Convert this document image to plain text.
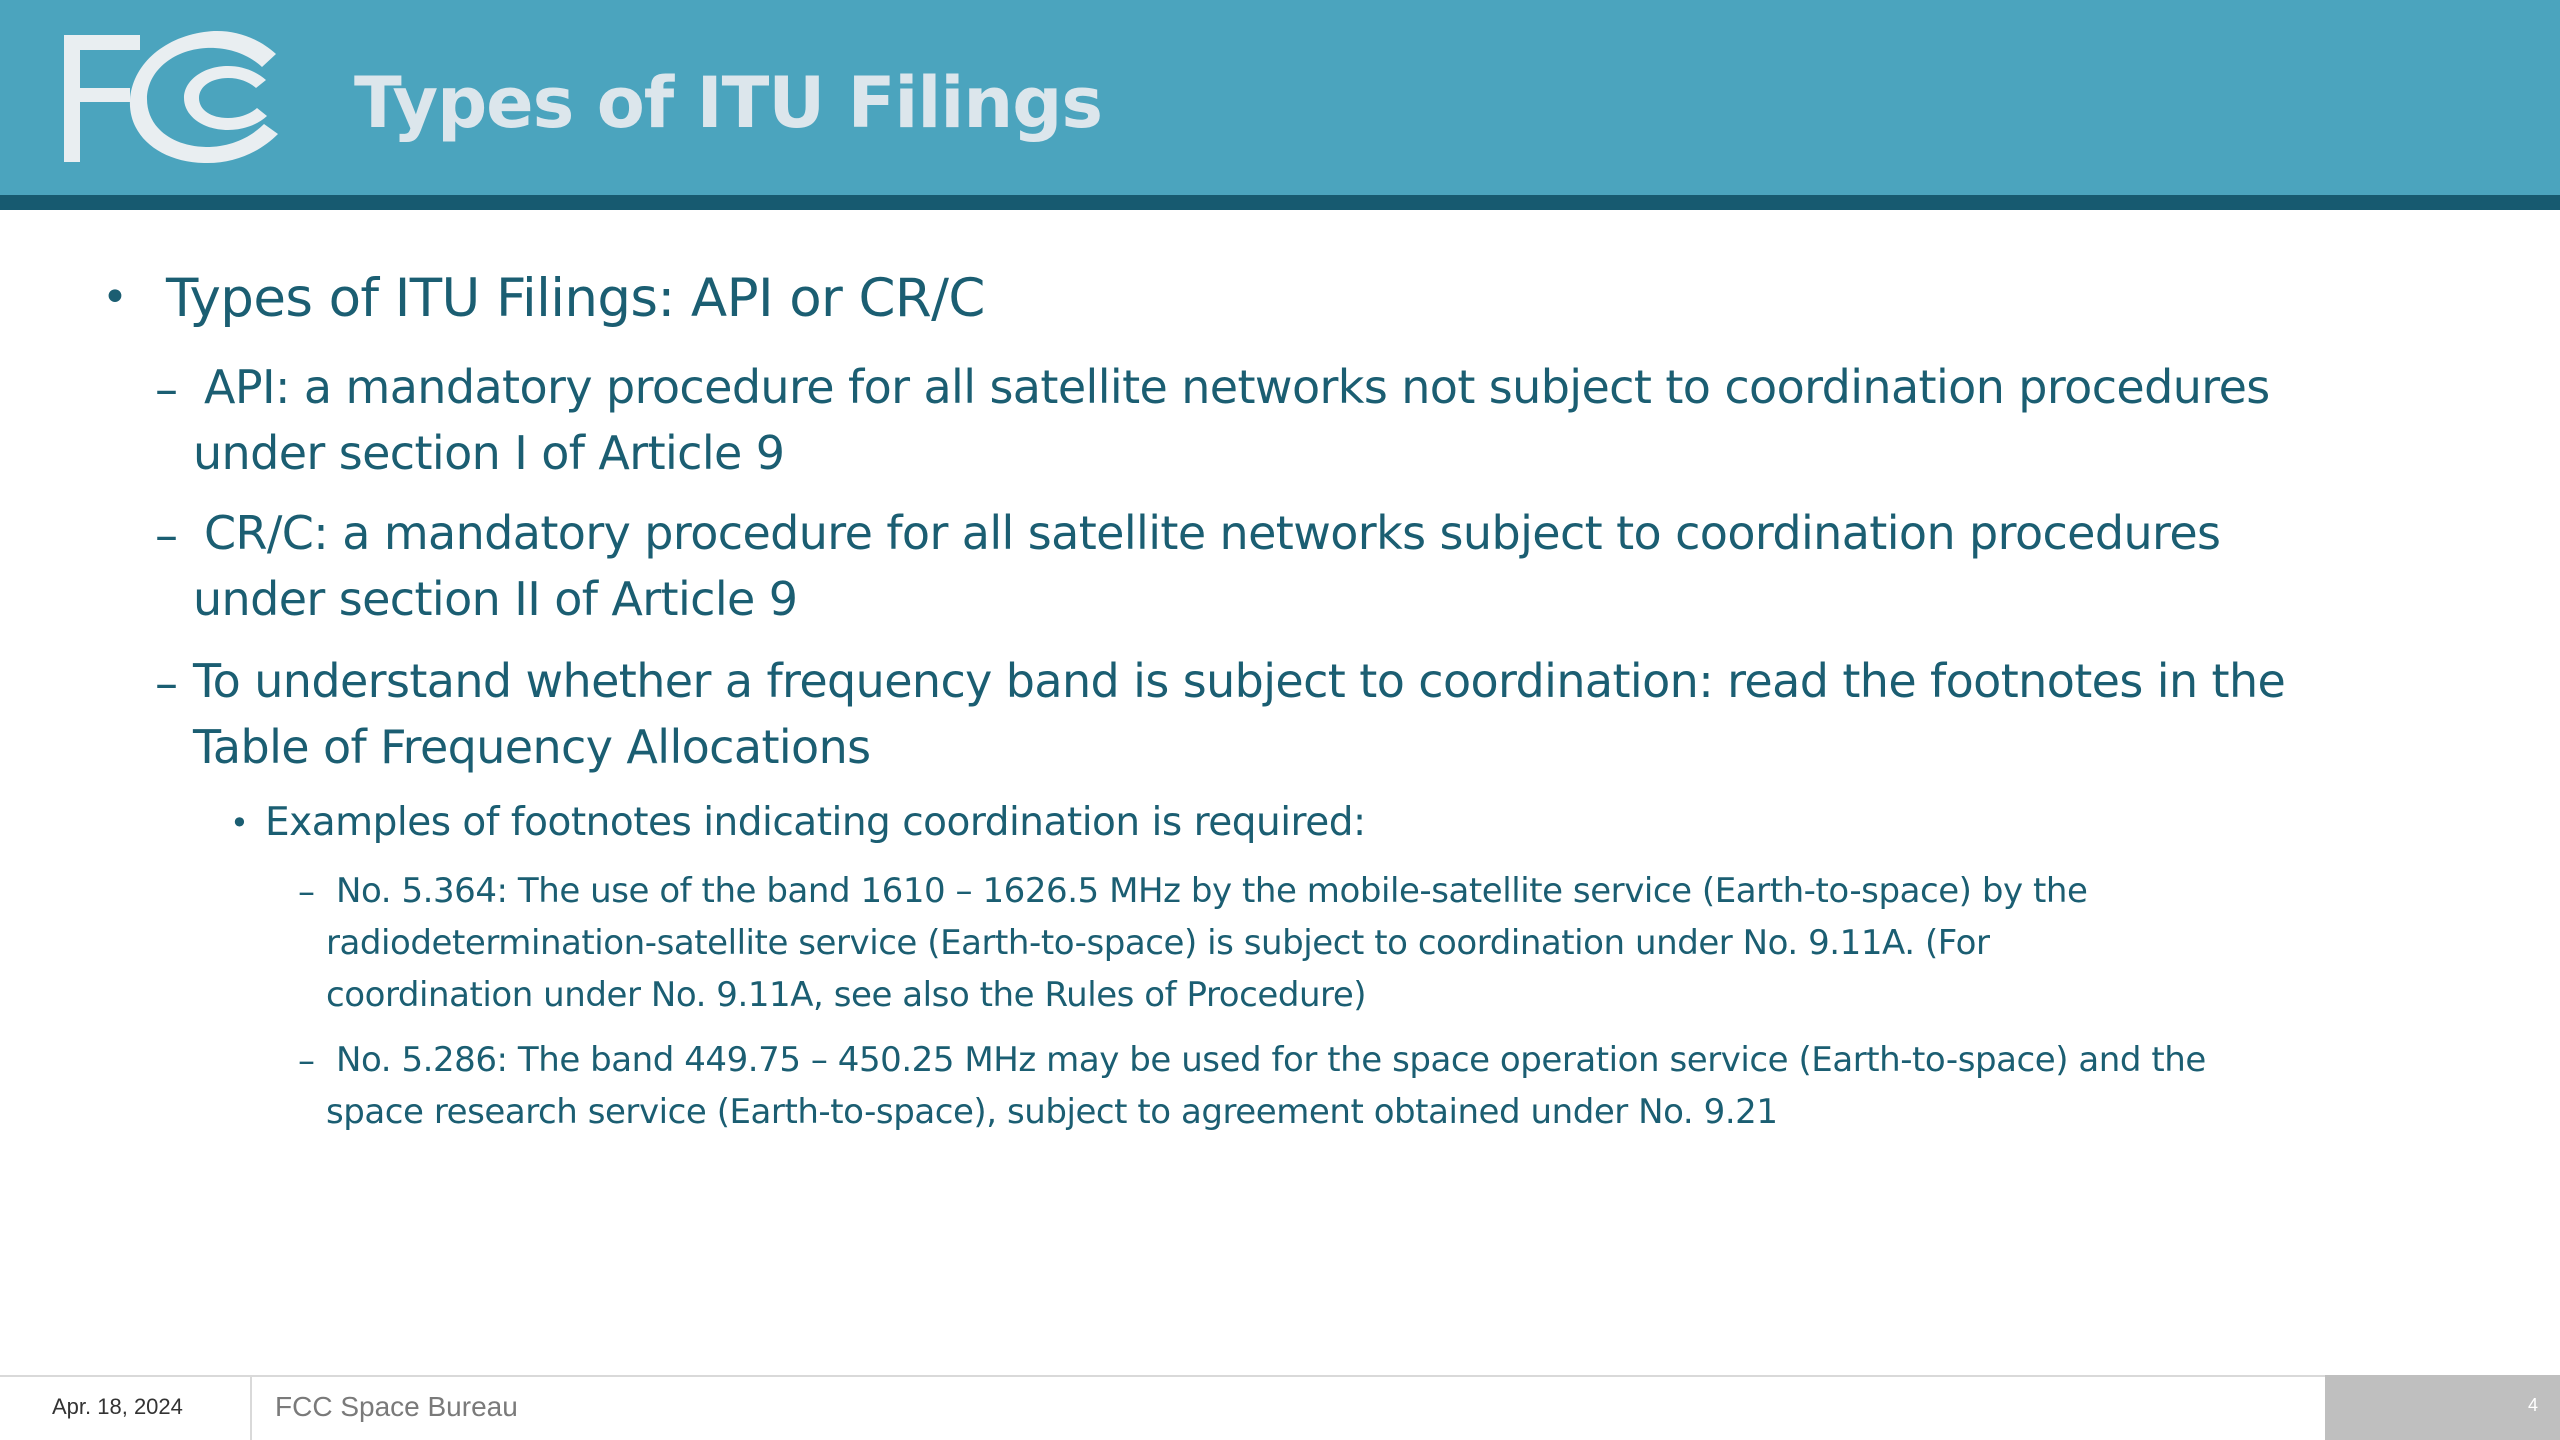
Types of ITU Filings
• Types of ITU Filings: API or CR/C
– API: a mandatory procedure for all satellite networks not subject to coordination procedures
under section I of Article 9
– CR/C: a mandatory procedure for all satellite networks subject to coordination procedures
under section II of Article 9
– To understand whether a frequency band is subject to coordination: read the footnotes in the
Table of Frequency Allocations
• Examples of footnotes indicating coordination is required:
– No. 5.364: The use of the band 1610 – 1626.5 MHz by the mobile-satellite service (Earth-to-space) by the
radiodetermination-satellite service (Earth-to-space) is subject to coordination under No. 9.11A. (For
coordination under No. 9.11A, see also the Rules of Procedure)
– No. 5.286: The band 449.75 – 450.25 MHz may be used for the space operation service (Earth-to-space) and the
space research service (Earth-to-space), subject to agreement obtained under No. 9.21
Apr. 18, 2024	FCC Space Bureau	4
